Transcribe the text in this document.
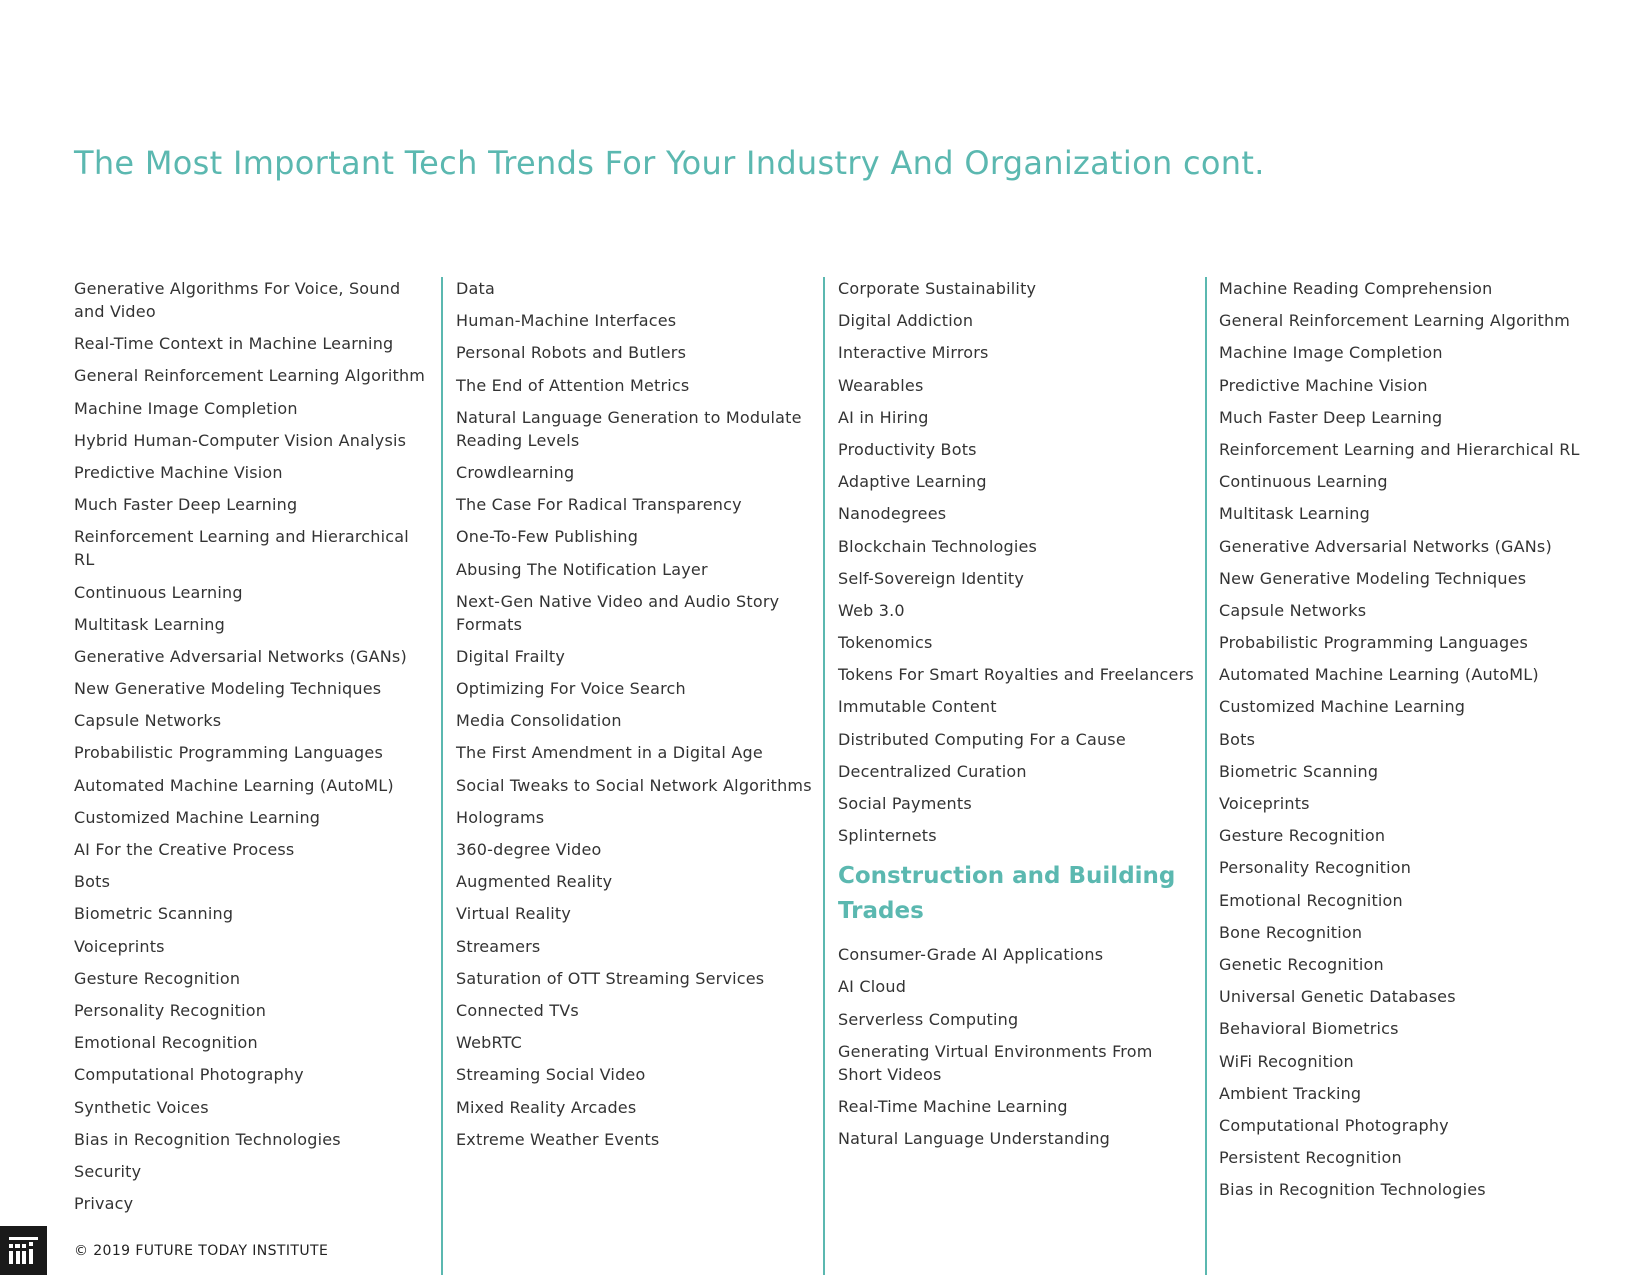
The Most Important Tech Trends For Your Industry And Organization cont.
Generative Algorithms For Voice, Sound and Video
Real-Time Context in Machine Learning
General Reinforcement Learning Algorithm
Machine Image Completion
Hybrid Human-Computer Vision Analysis
Predictive Machine Vision
Much Faster Deep Learning
Reinforcement Learning and Hierarchical RL
Continuous Learning
Multitask Learning
Generative Adversarial Networks (GANs)
New Generative Modeling Techniques
Capsule Networks
Probabilistic Programming Languages
Automated Machine Learning (AutoML)
Customized Machine Learning
AI For the Creative Process
Bots
Biometric Scanning
Voiceprints
Gesture Recognition
Personality Recognition
Emotional Recognition
Computational Photography
Synthetic Voices
Bias in Recognition Technologies
Security
Privacy
Data
Human-Machine Interfaces
Personal Robots and Butlers
The End of Attention Metrics
Natural Language Generation to Modulate Reading Levels
Crowdlearning
The Case For Radical Transparency
One-To-Few Publishing
Abusing The Notification Layer
Next-Gen Native Video and Audio Story Formats
Digital Frailty
Optimizing For Voice Search
Media Consolidation
The First Amendment in a Digital Age
Social Tweaks to Social Network Algorithms
Holograms
360-degree Video
Augmented Reality
Virtual Reality
Streamers
Saturation of OTT Streaming Services
Connected TVs
WebRTC
Streaming Social Video
Mixed Reality Arcades
Extreme Weather Events
Corporate Sustainability
Digital Addiction
Interactive Mirrors
Wearables
AI in Hiring
Productivity Bots
Adaptive Learning
Nanodegrees
Blockchain Technologies
Self-Sovereign Identity
Web 3.0
Tokenomics
Tokens For Smart Royalties and Freelancers
Immutable Content
Distributed Computing For a Cause
Decentralized Curation
Social Payments
Splinternets
Construction and Building Trades
Consumer-Grade AI Applications
AI Cloud
Serverless Computing
Generating Virtual Environments From Short Videos
Real-Time Machine Learning
Natural Language Understanding
Machine Reading Comprehension
General Reinforcement Learning Algorithm
Machine Image Completion
Predictive Machine Vision
Much Faster Deep Learning
Reinforcement Learning and Hierarchical RL
Continuous Learning
Multitask Learning
Generative Adversarial Networks (GANs)
New Generative Modeling Techniques
Capsule Networks
Probabilistic Programming Languages
Automated Machine Learning (AutoML)
Customized Machine Learning
Bots
Biometric Scanning
Voiceprints
Gesture Recognition
Personality Recognition
Emotional Recognition
Bone Recognition
Genetic Recognition
Universal Genetic Databases
Behavioral Biometrics
WiFi Recognition
Ambient Tracking
Computational Photography
Persistent Recognition
Bias in Recognition Technologies
© 2019 FUTURE TODAY INSTITUTE
